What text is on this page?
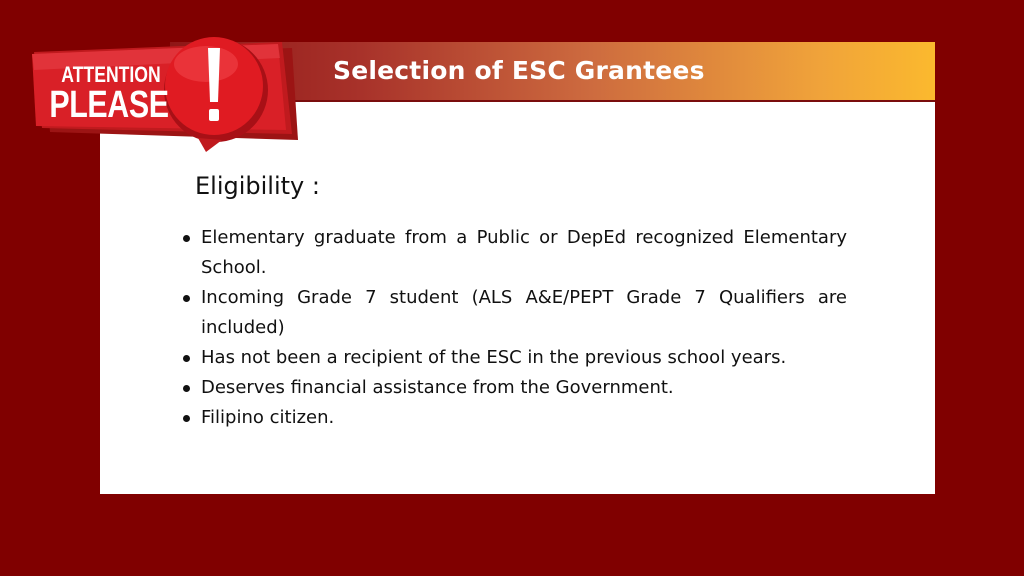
Selection of ESC Grantees
ATTENTION
PLEASE
Eligibility :
Elementary graduate from a Public or DepEd recognized Elementary School.
Incoming Grade 7 student (ALS A&E/PEPT Grade 7 Qualifiers are included)
Has not been a recipient of the ESC in the previous school years.
Deserves financial assistance from the Government.
Filipino citizen.
